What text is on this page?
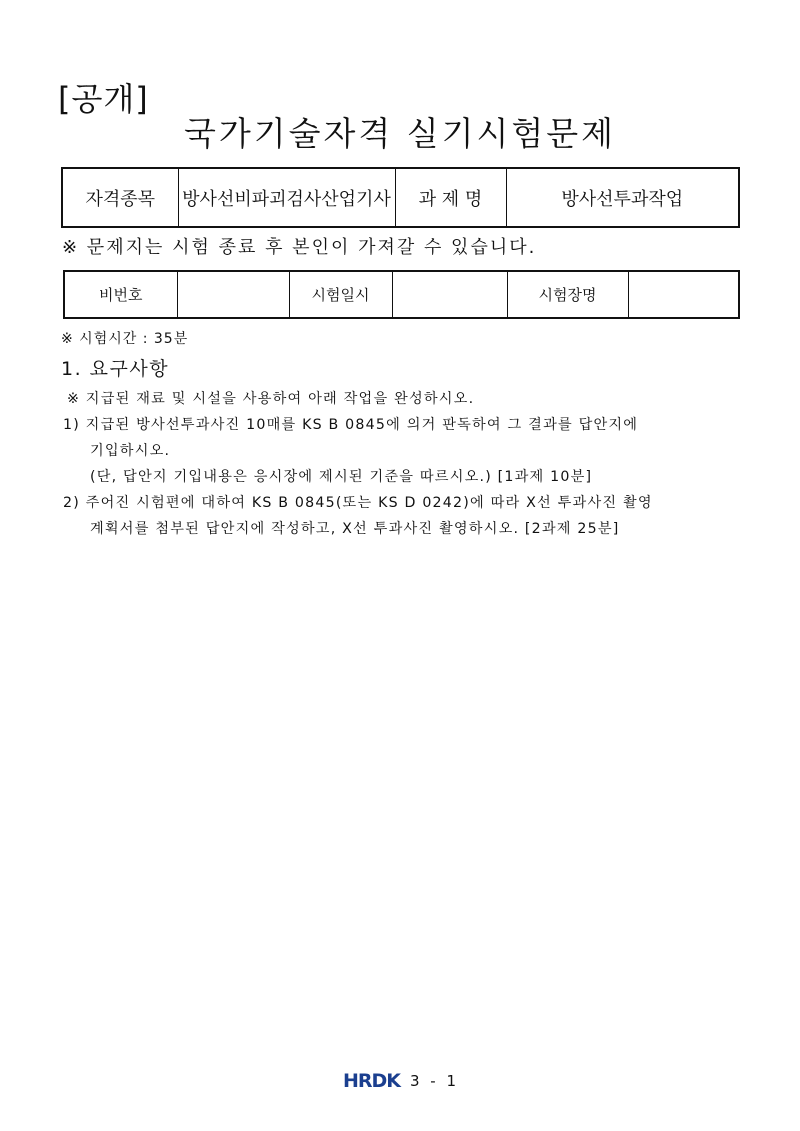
[공개]
국가기술자격 실기시험문제
자격종목	방사선비파괴검사산업기사	과 제 명	방사선투과작업
※ 문제지는 시험 종료 후 본인이 가져갈 수 있습니다.
비번호		시험일시		시험장명	
※ 시험시간 : 35분
1. 요구사항
※ 지급된 재료 및 시설을 사용하여 아래 작업을 완성하시오.
1) 지급된 방사선투과사진 10매를 KS B 0845에 의거 판독하여 그 결과를 답안지에
기입하시오.
(단, 답안지 기입내용은 응시장에 제시된 기준을 따르시오.) [1과제 10분]
2) 주어진 시험편에 대하여 KS B 0845(또는 KS D 0242)에 따라 X선 투과사진 촬영
계획서를 첨부된 답안지에 작성하고, X선 투과사진 촬영하시오. [2과제 25분]
HRDK 3 - 1
